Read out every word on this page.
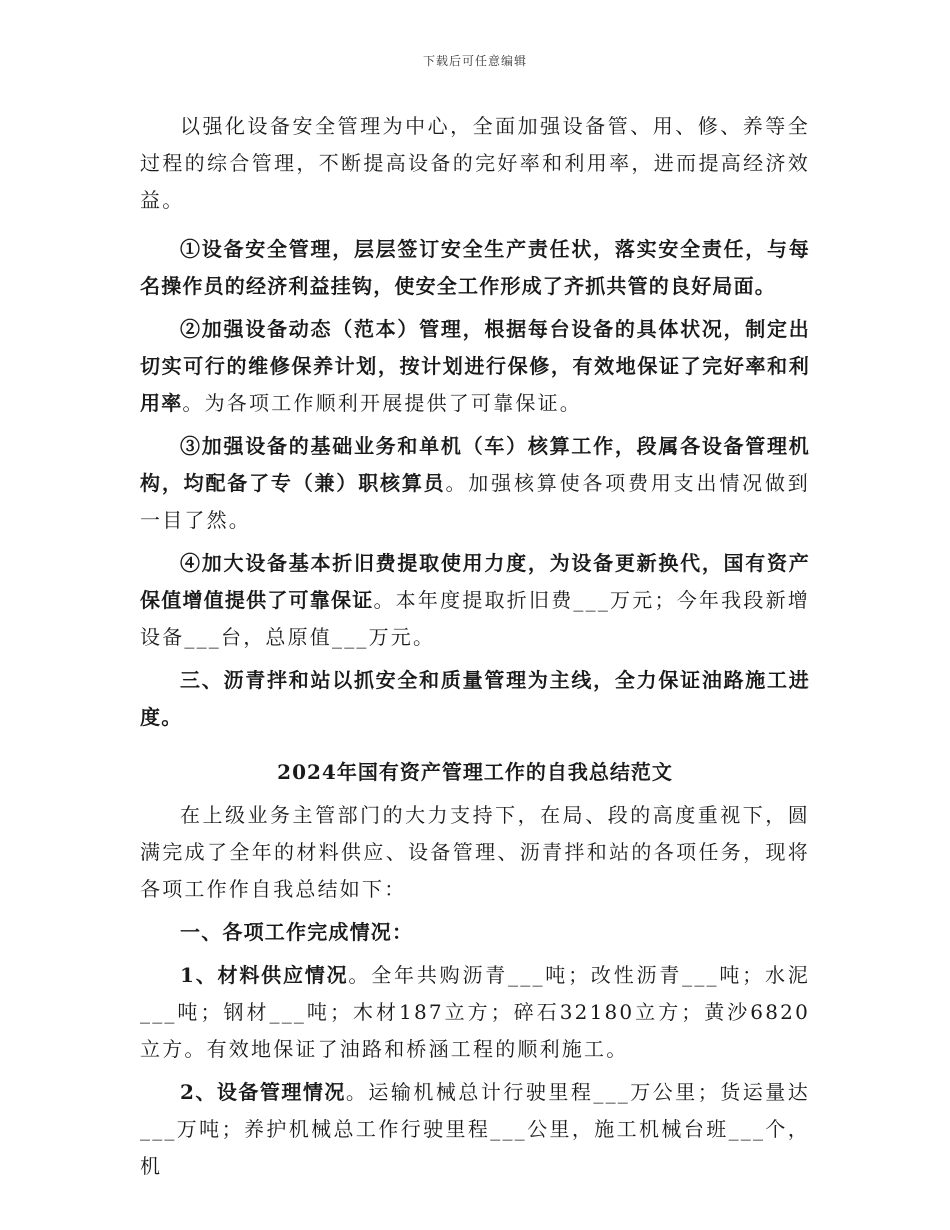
下载后可任意编辑

以强化设备安全管理为中心，全面加强设备管、用、修、养等全过程的综合管理，不断提高设备的完好率和利用率，进而提高经济效益。

①设备安全管理，层层签订安全生产责任状，落实安全责任，与每名操作员的经济利益挂钩，使安全工作形成了齐抓共管的良好局面。

②加强设备动态（范本）管理，根据每台设备的具体状况，制定出切实可行的维修保养计划，按计划进行保修，有效地保证了完好率和利用率。为各项工作顺利开展提供了可靠保证。

③加强设备的基础业务和单机（车）核算工作，段属各设备管理机构，均配备了专（兼）职核算员。加强核算使各项费用支出情况做到一目了然。

④加大设备基本折旧费提取使用力度，为设备更新换代，国有资产保值增值提供了可靠保证。本年度提取折旧费___万元；今年我段新增设备___台，总原值___万元。

三、沥青拌和站以抓安全和质量管理为主线，全力保证油路施工进度。

2024年国有资产管理工作的自我总结范文

在上级业务主管部门的大力支持下，在局、段的高度重视下，圆满完成了全年的材料供应、设备管理、沥青拌和站的各项任务，现将各项工作作自我总结如下：

一、各项工作完成情况：

1、材料供应情况。全年共购沥青___吨；改性沥青___吨；水泥___吨；钢材___吨；木材187立方；碎石32180立方；黄沙6820立方。有效地保证了油路和桥涵工程的顺利施工。

2、设备管理情况。运输机械总计行驶里程___万公里；货运量达___万吨；养护机械总工作行驶里程___公里，施工机械台班___个，机
